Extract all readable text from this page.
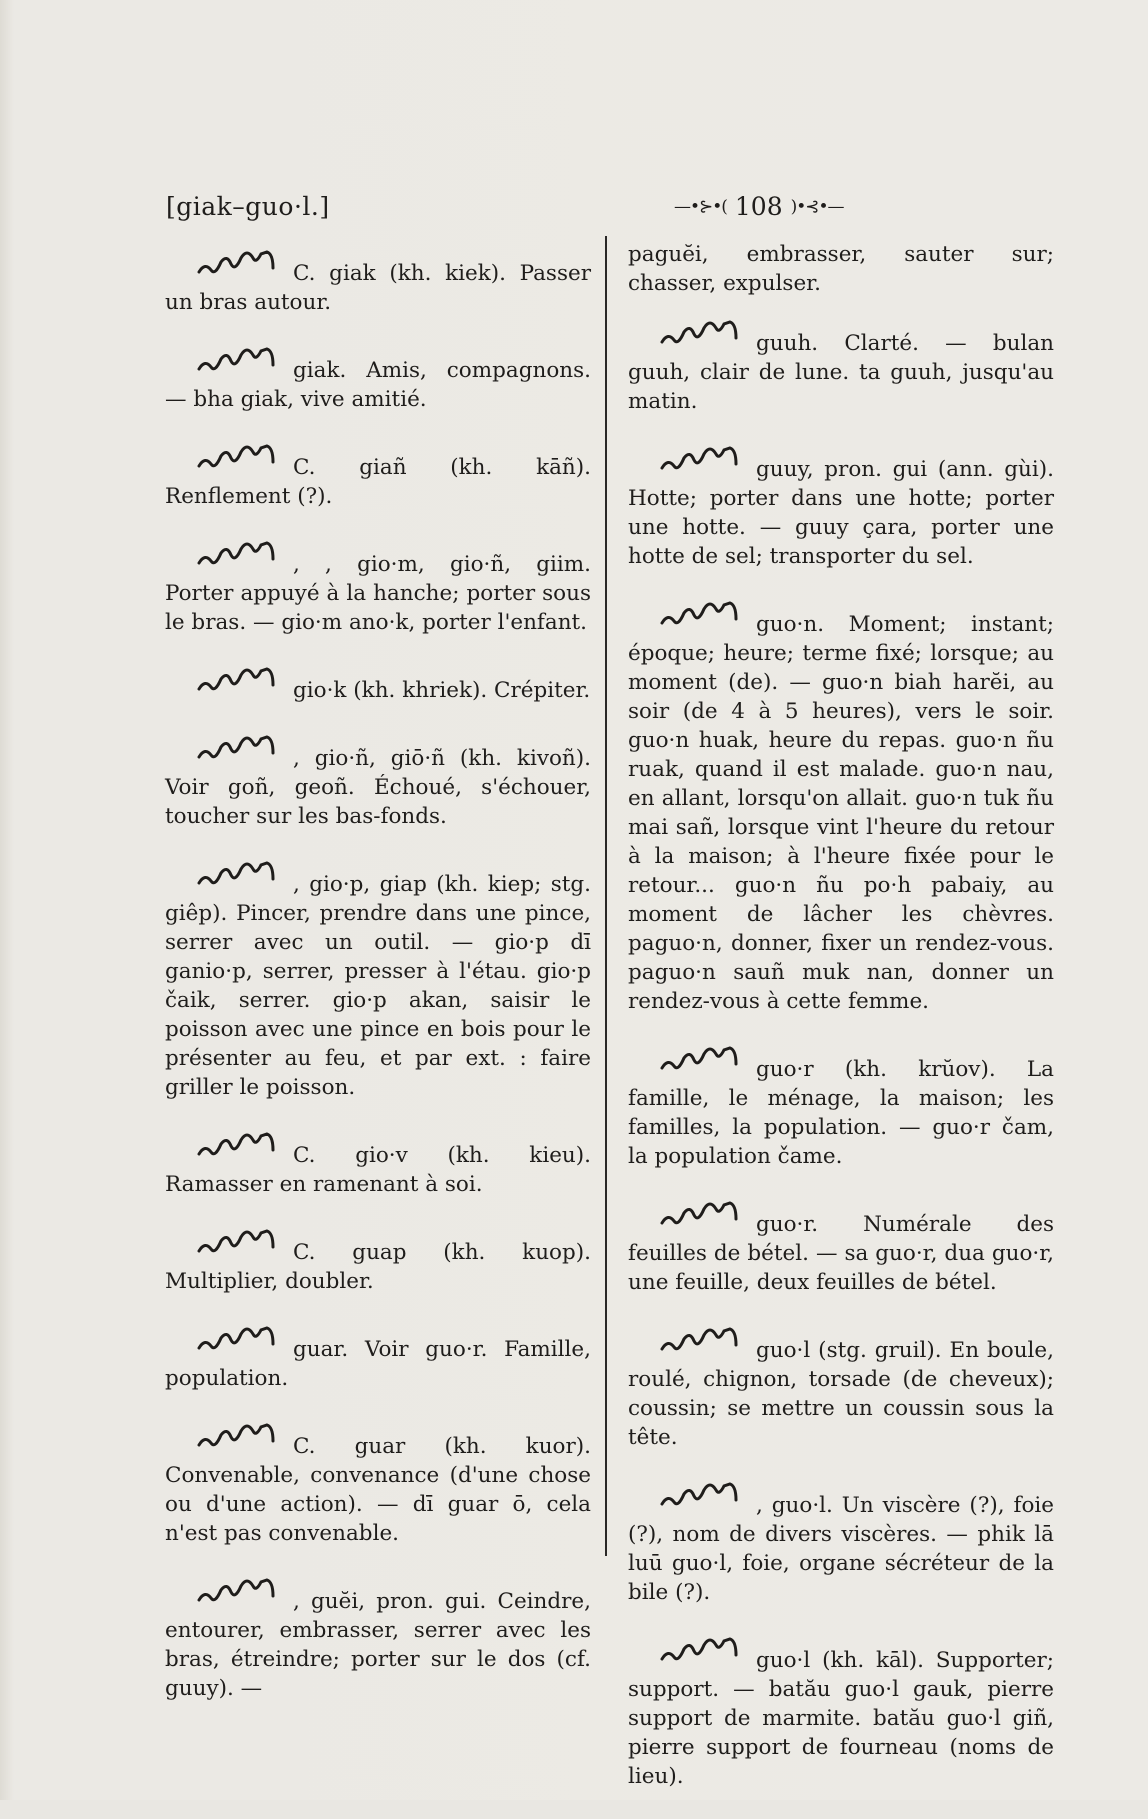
[giak–guo·l.]	—•⊱•( 108 )•⊰•—
C. giak (kh. kiek). Passer un bras autour.
giak. Amis, compagnons. — bha giak, vive amitié.
C. giañ (kh. kāñ). Renflement (?).
, , gio·m, gio·ñ, giim. Porter appuyé à la hanche; porter sous le bras. — gio·m ano·k, porter l'enfant.
gio·k (kh. khriek). Crépiter.
, gio·ñ, giō·ñ (kh. kivoñ). Voir goñ, geoñ. Échoué, s'échouer, toucher sur les bas-fonds.
, gio·p, giap (kh. kiep; stg. giêp). Pincer, prendre dans une pince, serrer avec un outil. — gio·p dī ganio·p, serrer, presser à l'étau. gio·p čaik, serrer. gio·p akan, saisir le poisson avec une pince en bois pour le présenter au feu, et par ext. : faire griller le poisson.
C. gio·v (kh. kieu). Ramasser en ramenant à soi.
C. guap (kh. kuop). Multiplier, doubler.
guar. Voir guo·r. Famille, population.
C. guar (kh. kuor). Convenable, convenance (d'une chose ou d'une action). — dī guar ō, cela n'est pas convenable.
, guĕi, pron. gui. Ceindre, entourer, embrasser, serrer avec les bras, étreindre; porter sur le dos (cf. guuy). —
paguĕi, embrasser, sauter sur; chasser, expulser.
guuh. Clarté. — bulan guuh, clair de lune. ta guuh, jusqu'au matin.
guuy, pron. gui (ann. gùi). Hotte; porter dans une hotte; porter une hotte. — guuy çara, porter une hotte de sel; transporter du sel.
guo·n. Moment; instant; époque; heure; terme fixé; lorsque; au moment (de). — guo·n biah harĕi, au soir (de 4 à 5 heures), vers le soir. guo·n huak, heure du repas. guo·n ñu ruak, quand il est malade. guo·n nau, en allant, lorsqu'on allait. guo·n tuk ñu mai sañ, lorsque vint l'heure du retour à la maison; à l'heure fixée pour le retour... guo·n ñu po·h pabaiy, au moment de lâcher les chèvres. paguo·n, donner, fixer un rendez-vous. paguo·n sauñ muk nan, donner un rendez-vous à cette femme.
guo·r (kh. krŭov). La famille, le ménage, la maison; les familles, la population. — guo·r čam, la population čame.
guo·r. Numérale des feuilles de bétel. — sa guo·r, dua guo·r, une feuille, deux feuilles de bétel.
guo·l (stg. gruil). En boule, roulé, chignon, torsade (de cheveux); coussin; se mettre un coussin sous la tête.
, guo·l. Un viscère (?), foie (?), nom de divers viscères. — phik lā luū guo·l, foie, organe sécréteur de la bile (?).
guo·l (kh. kāl). Supporter; support. — batău guo·l gauk, pierre support de marmite. batău guo·l giñ, pierre support de fourneau (noms de lieu).
